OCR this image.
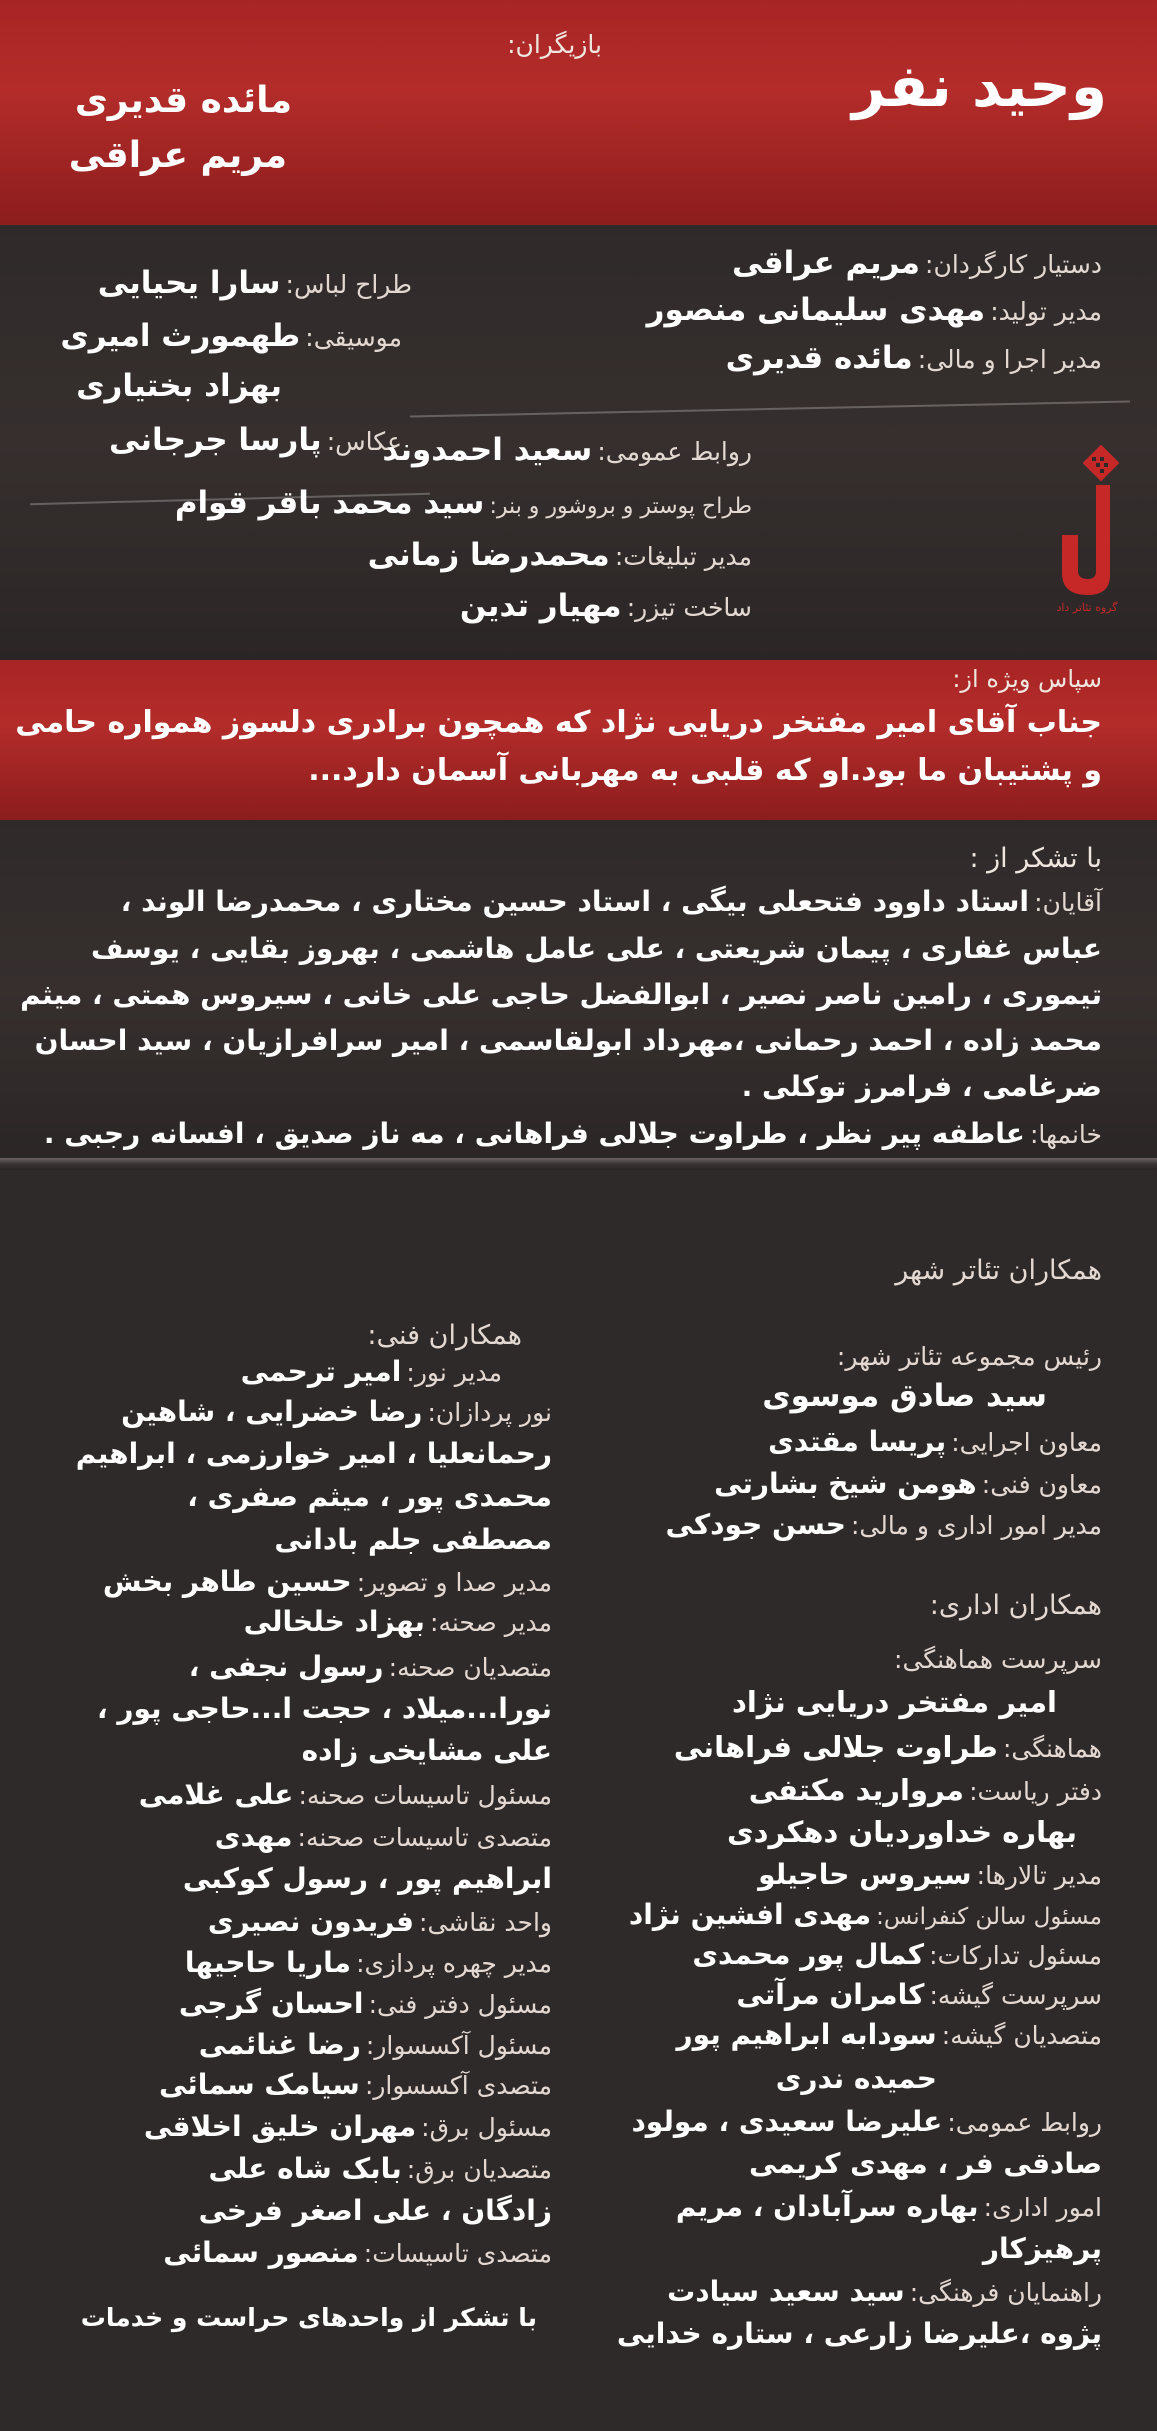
وحید نفر
بازیگران:
مائده قدیری
مریم عراقی
دستیار کارگردان: مریم عراقی
مدیر تولید: مهدی سلیمانی منصور
مدیر اجرا و مالی: مائده قدیری
طراح لباس: سارا یحیایی
موسیقی: طهمورث امیری
بهزاد بختیاری
عکاس: پارسا جرجانی	روابط عمومی: سعید احمدوند
طراح پوستر و بروشور و بنر: سید محمد باقر قوام
مدیر تبلیغات: محمدرضا زمانی
ساخت تیزر: مهیار تدین	گروه تئاتر داد
سپاس ویژه از:
جناب آقای امیر مفتخر دریایی نژاد که همچون برادری دلسوز همواره حامی
و پشتیبان ما بود.او که قلبی به مهربانی آسمان دارد...
با تشکر از :
آقایان: استاد داوود فتحعلی بیگی ، استاد حسین مختاری ، محمدرضا الوند ،
عباس غفاری ، پیمان شریعتی ، علی عامل هاشمی ، بهروز بقایی ، یوسف
تیموری ، رامین ناصر نصیر ، ابوالفضل حاجی علی خانی ، سیروس همتی ، میثم
محمد زاده ، احمد رحمانی ،مهرداد ابولقاسمی ، امیر سرافرازیان ، سید احسان
ضرغامی ، فرامرز توکلی .
خانمها: عاطفه پیر نظر ، طراوت جلالی فراهانی ، مه ناز صدیق ، افسانه رجبی .
همکاران تئاتر شهر
رئیس مجموعه تئاتر شهر:
سید صادق موسوی
معاون اجرایی: پریسا مقتدی
معاون فنی: هومن شیخ بشارتی
مدیر امور اداری و مالی: حسن جودکی
همکاران اداری:
سرپرست هماهنگی:
امیر مفتخر دریایی نژاد
هماهنگی: طراوت جلالی فراهانی
دفتر ریاست: مروارید مکتفی
بهاره خداوردیان دهکردی
مدیر تالارها: سیروس حاجیلو
مسئول سالن کنفرانس: مهدی افشین نژاد
مسئول تدارکات: کمال پور محمدی
سرپرست گیشه: کامران مرآتی
متصدیان گیشه: سودابه ابراهیم پور
حمیده ندری
روابط عمومی: علیرضا سعیدی ، مولود
صادقی فر ، مهدی کریمی
امور اداری: بهاره سرآبادان ، مریم
پرهیزکار
راهنمایان فرهنگی: سید سعید سیادت
پژوه ،علیرضا زارعی ، ستاره خدایی
همکاران فنی:
مدیر نور: امیر ترحمی
نور پردازان: رضا خضرایی ، شاهین
رحمانعلیا ، امیر خوارزمی ، ابراهیم
محمدی پور ، میثم صفری ،
مصطفی جلم بادانی
مدیر صدا و تصویر: حسین طاهر بخش
مدیر صحنه: بهزاد خلخالی
متصدیان صحنه: رسول نجفی ،
نورا...میلاد ، حجت ا...حاجی پور ،
علی مشایخی زاده
مسئول تاسیسات صحنه: علی غلامی
متصدی تاسیسات صحنه: مهدی
ابراهیم پور ، رسول کوکبی
واحد نقاشی: فریدون نصیری
مدیر چهره پردازی: ماریا حاجیها
مسئول دفتر فنی: احسان گرجی
مسئول آکسسوار: رضا غنائمی
متصدی آکسسوار: سیامک سمائی
مسئول برق: مهران خلیق اخلاقی
متصدیان برق: بابک شاه علی
زادگان ، علی اصغر فرخی
متصدی تاسیسات: منصور سمائی
با تشکر از واحدهای حراست و خدمات
